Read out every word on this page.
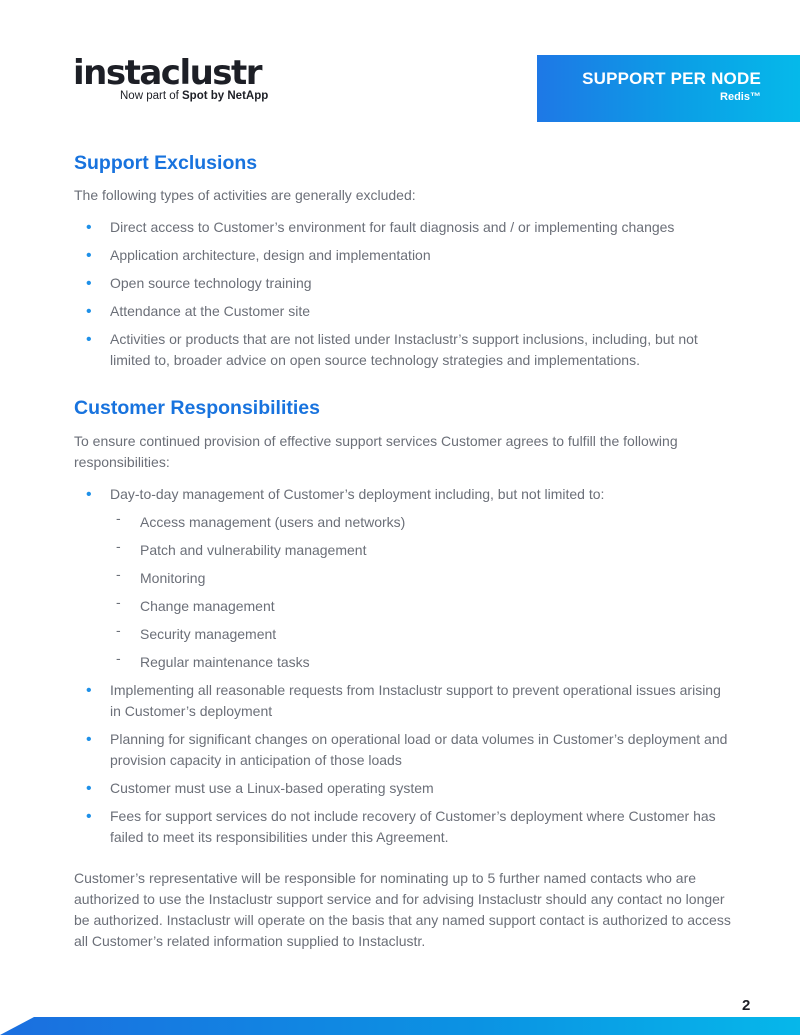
instaclustr
Now part of Spot by NetApp
SUPPORT PER NODE
Redis™
Support Exclusions

The following types of activities are generally excluded:

• Direct access to Customer’s environment for fault diagnosis and / or implementing changes
• Application architecture, design and implementation
• Open source technology training
• Attendance at the Customer site
• Activities or products that are not listed under Instaclustr’s support inclusions, including, but not limited to, broader advice on open source technology strategies and implementations.
Customer Responsibilities

To ensure continued provision of effective support services Customer agrees to fulfill the following responsibilities:

• Day-to-day management of Customer’s deployment including, but not limited to:
- Access management (users and networks)
- Patch and vulnerability management
- Monitoring
- Change management
- Security management
- Regular maintenance tasks
• Implementing all reasonable requests from Instaclustr support to prevent operational issues arising in Customer’s deployment
• Planning for significant changes on operational load or data volumes in Customer’s deployment and provision capacity in anticipation of those loads
• Customer must use a Linux-based operating system
• Fees for support services do not include recovery of Customer’s deployment where Customer has failed to meet its responsibilities under this Agreement.

Customer’s representative will be responsible for nominating up to 5 further named contacts who are authorized to use the Instaclustr support service and for advising Instaclustr should any contact no longer be authorized. Instaclustr will operate on the basis that any named support contact is authorized to access all Customer’s related information supplied to Instaclustr.

2
